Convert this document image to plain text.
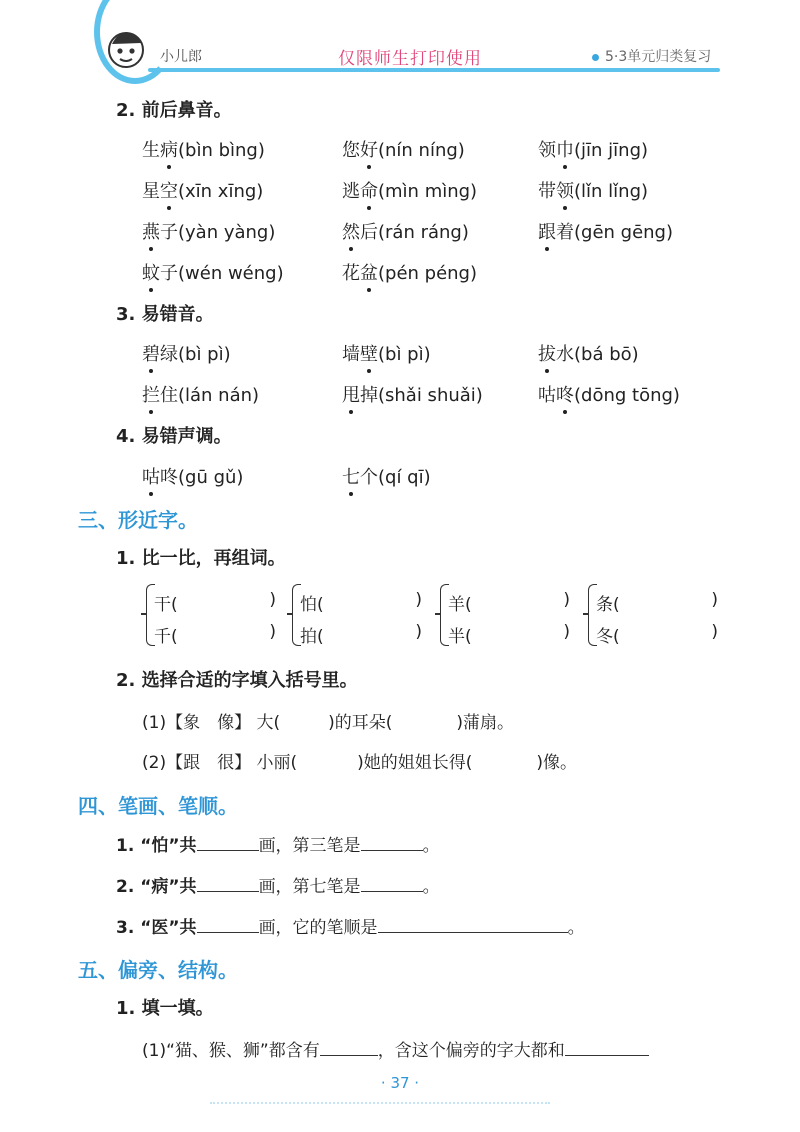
小儿郎	仅限师生打印使用	5·3单元归类复习
2. 前后鼻音。
生病(bìn bìng)	您好(nín níng)	领巾(jīn jīng)
星空(xīn xīng)	逃命(mìn mìng)	带领(lǐn lǐng)
燕子(yàn yàng)	然后(rán ráng)	跟着(gēn gēng)
蚊子(wén wéng)	花盆(pén péng)
3. 易错音。
碧绿(bì pì)	墙壁(bì pì)	拔水(bá bō)
拦住(lán nán)	甩掉(shǎi shuǎi)	咕咚(dōng tōng)
4. 易错声调。
咕咚(gū gǔ)	七个(qí qī)
三、形近字。
1. 比一比，再组词。
干(	)
千(	)
怕(	)
拍(	)
羊(	)
半(	)
条(	)
冬(	)
2. 选择合适的字填入括号里。
(1)【象　像】 大(	)的耳朵(	)蒲扇。
(2)【跟　很】 小丽(	)她的姐姐长得(	)像。
四、笔画、笔顺。
1. “怕”共	画，第三笔是	。
2. “病”共	画，第七笔是	。
3. “医”共	画，它的笔顺是	。
五、偏旁、结构。
1. 填一填。
(1)“猫、猴、狮”都含有	，含这个偏旁的字大都和
· 37 ·
